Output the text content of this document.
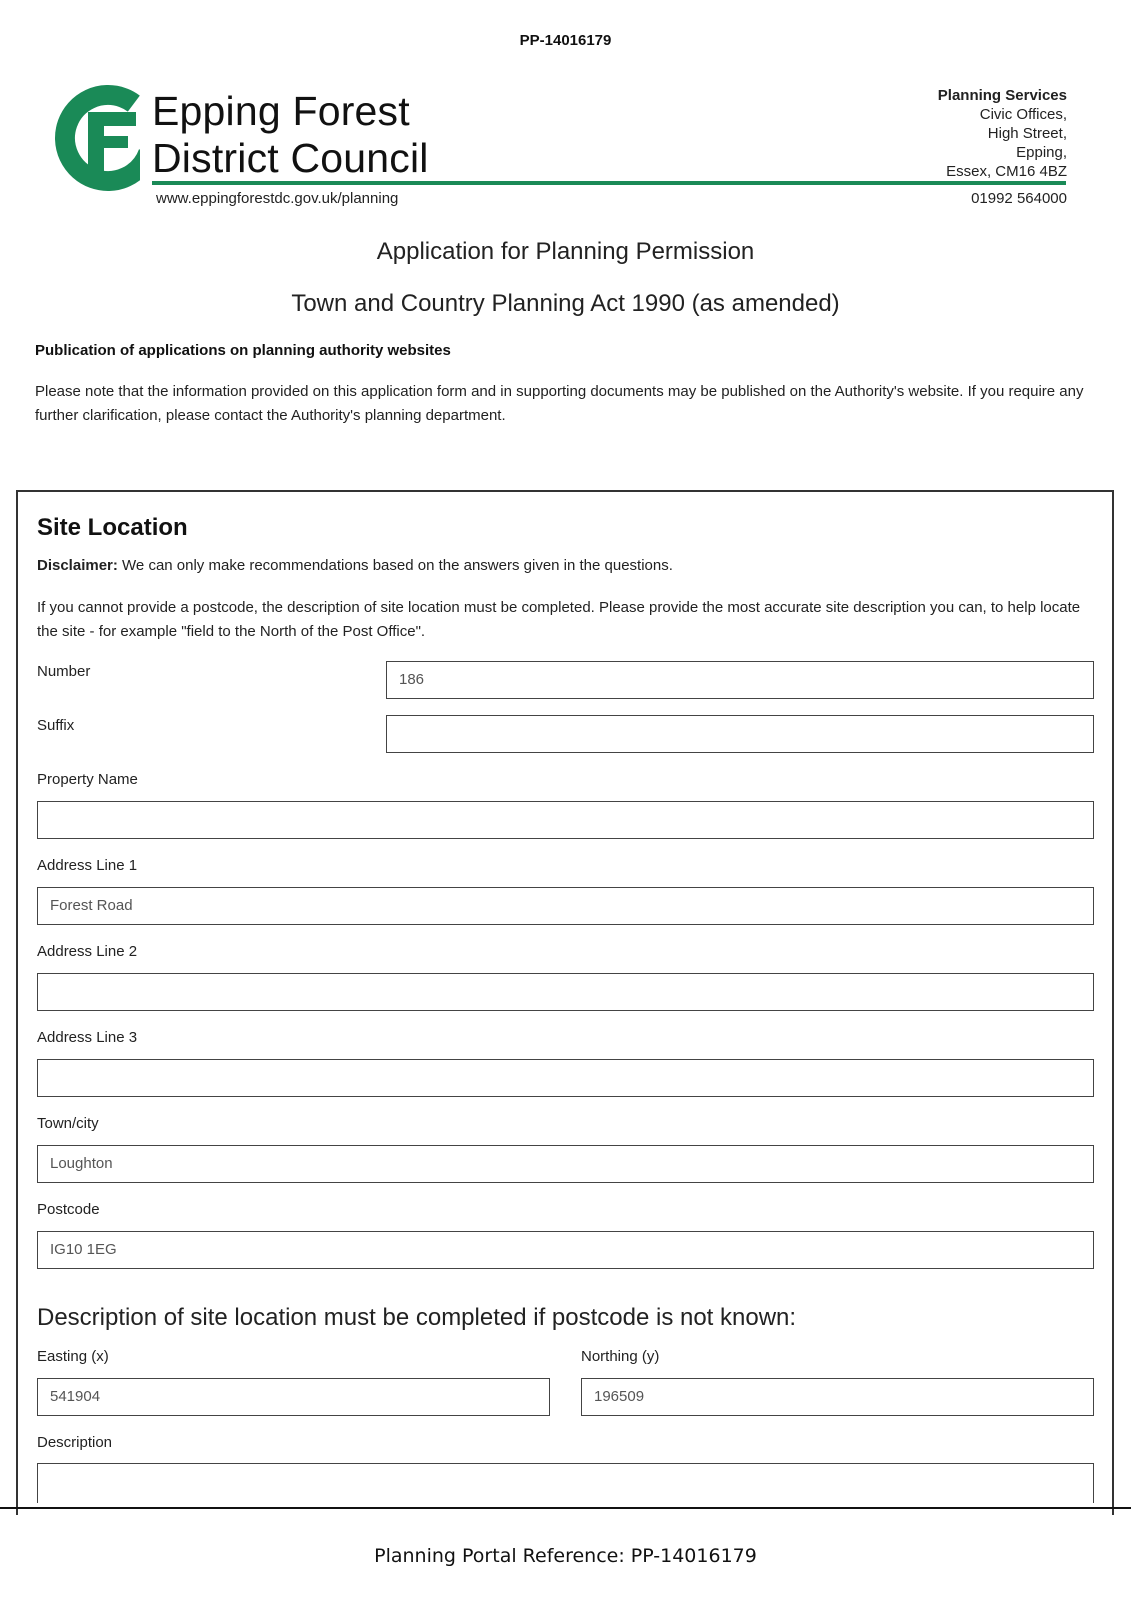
PP-14016179
Epping Forest
District Council
www.eppingforestdc.gov.uk/planning
Planning Services
Civic Offices,
High Street,
Epping,
Essex, CM16 4BZ
01992 564000
Application for Planning Permission
Town and Country Planning Act 1990 (as amended)
Publication of applications on planning authority websites
Please note that the information provided on this application form and in supporting documents may be published on the Authority's website. If you require any further clarification, please contact the Authority's planning department.
Site Location
Disclaimer: We can only make recommendations based on the answers given in the questions.
If you cannot provide a postcode, the description of site location must be completed. Please provide the most accurate site description you can, to help locate the site - for example "field to the North of the Post Office".
Number	186
Suffix
Property Name
Address Line 1
Forest Road
Address Line 2
Address Line 3
Town/city
Loughton
Postcode
IG10 1EG
Description of site location must be completed if postcode is not known:
Easting (x)
541904
Northing (y)
196509
Description
Planning Portal Reference: PP-14016179
